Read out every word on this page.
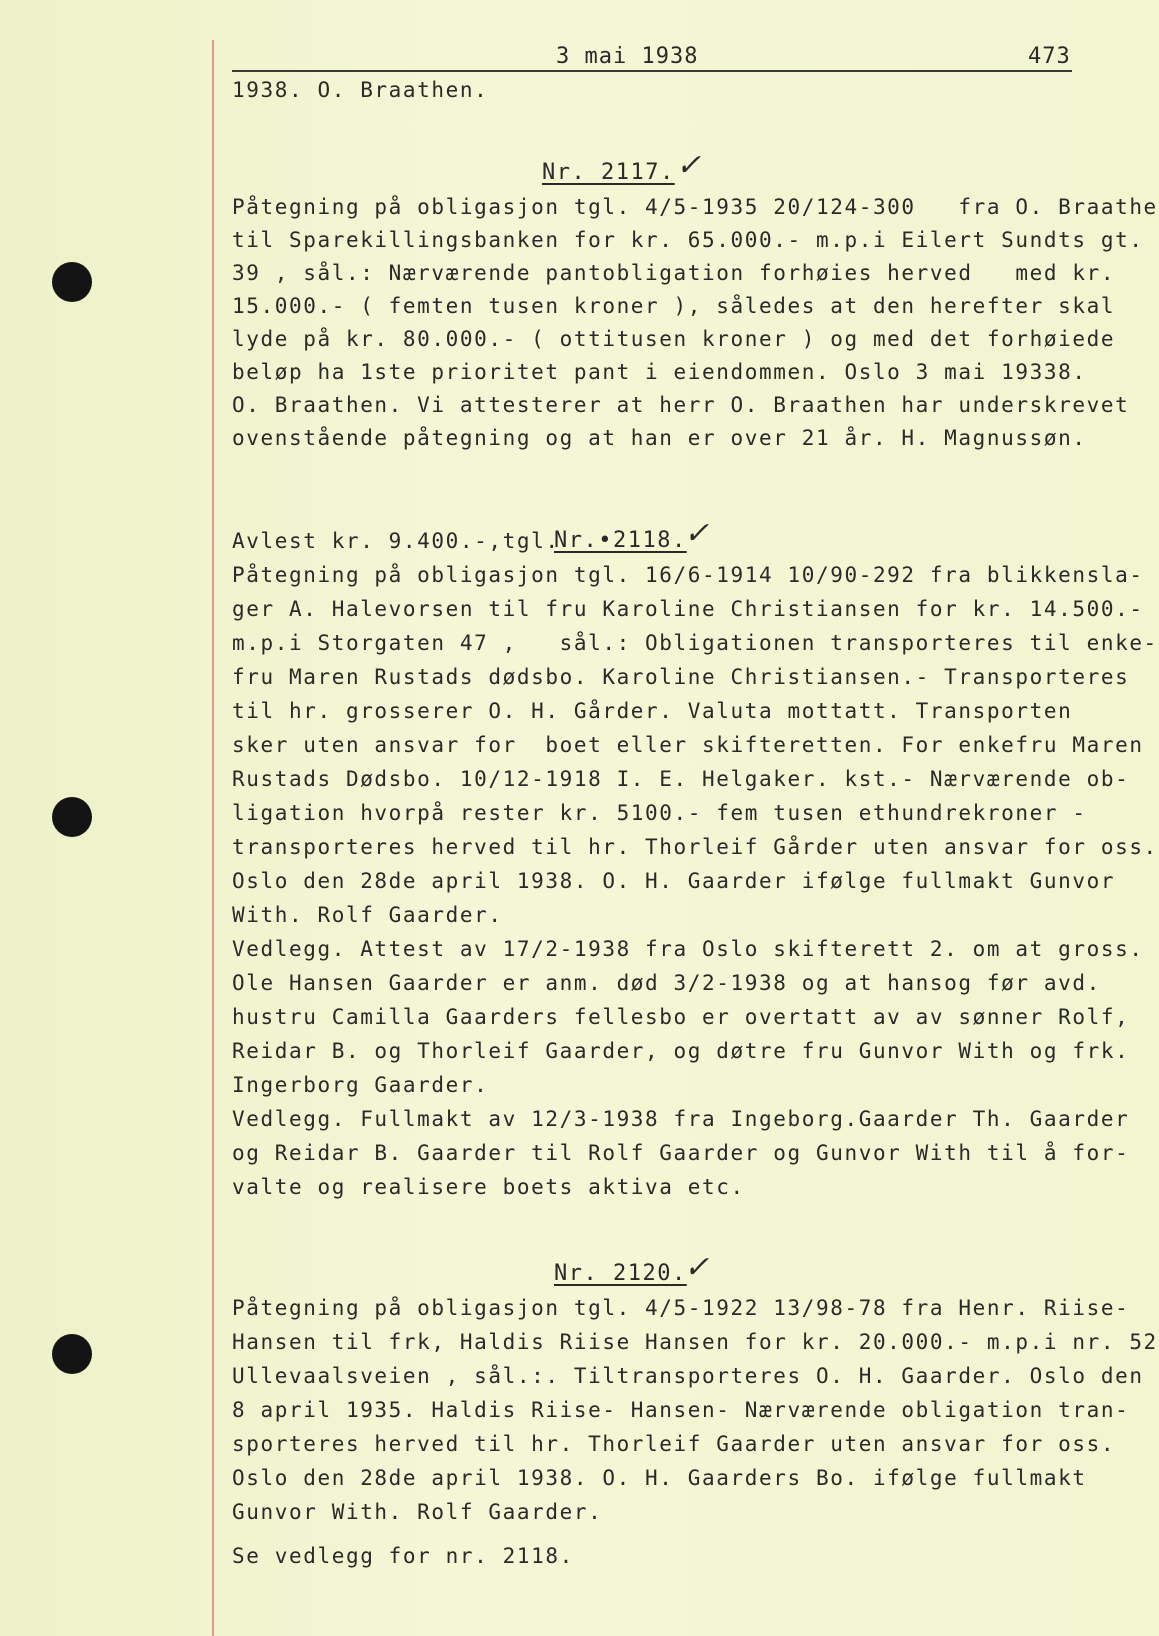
3 mai 1938	473
1938. O. Braathen.
Nr. 2117. ✓
Påtegning på obligasjon tgl. 4/5-1935 20/124-300   fra O. Braathe
til Sparekillingsbanken for kr. 65.000.- m.p.i Eilert Sundts gt.
39 , sål.: Nærværende pantobligation forhøies herved   med kr.
15.000.- ( femten tusen kroner ), således at den herefter skal
lyde på kr. 80.000.- ( ottitusen kroner ) og med det forhøiede
beløp ha 1ste prioritet pant i eiendommen. Oslo 3 mai 19338.
O. Braathen. Vi attesterer at herr O. Braathen har underskrevet
ovenstående påtegning og at han er over 21 år. H. Magnussøn.
Avlest kr. 9.400.-,tgl.
Nr.•2118.
✓
Påtegning på obligasjon tgl. 16/6-1914 10/90-292 fra blikkensla-
ger A. Halevorsen til fru Karoline Christiansen for kr. 14.500.-
m.p.i Storgaten 47 ,   sål.: Obligationen transporteres til enke-
fru Maren Rustads dødsbo. Karoline Christiansen.- Transporteres
til hr. grosserer O. H. Gårder. Valuta mottatt. Transporten
sker uten ansvar for  boet eller skifteretten. For enkefru Maren
Rustads Dødsbo. 10/12-1918 I. E. Helgaker. kst.- Nærværende ob-
ligation hvorpå rester kr. 5100.- fem tusen ethundrekroner -
transporteres herved til hr. Thorleif Gårder uten ansvar for oss.
Oslo den 28de april 1938. O. H. Gaarder ifølge fullmakt Gunvor
With. Rolf Gaarder.
Vedlegg. Attest av 17/2-1938 fra Oslo skifterett 2. om at gross.
Ole Hansen Gaarder er anm. død 3/2-1938 og at hansog før avd.
hustru Camilla Gaarders fellesbo er overtatt av av sønner Rolf,
Reidar B. og Thorleif Gaarder, og døtre fru Gunvor With og frk.
Ingerborg Gaarder.
Vedlegg. Fullmakt av 12/3-1938 fra Ingeborg.Gaarder Th. Gaarder
og Reidar B. Gaarder til Rolf Gaarder og Gunvor With til å for-
valte og realisere boets aktiva etc.
Nr. 2120.
✓
Påtegning på obligasjon tgl. 4/5-1922 13/98-78 fra Henr. Riise-
Hansen til frk, Haldis Riise Hansen for kr. 20.000.- m.p.i nr. 52
Ullevaalsveien , sål.:. Tiltransporteres O. H. Gaarder. Oslo den
8 april 1935. Haldis Riise- Hansen- Nærværende obligation tran-
sporteres herved til hr. Thorleif Gaarder uten ansvar for oss.
Oslo den 28de april 1938. O. H. Gaarders Bo. ifølge fullmakt
Gunvor With. Rolf Gaarder.
Se vedlegg for nr. 2118.
